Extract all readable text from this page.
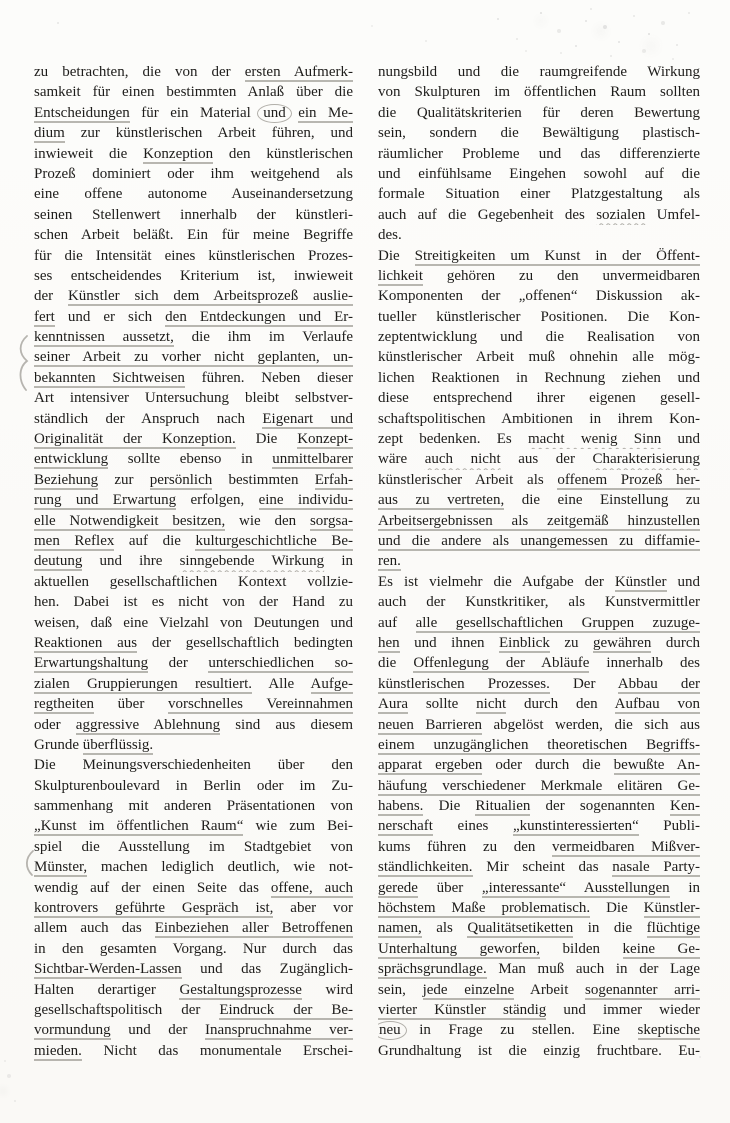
zu betrachten, die von der ersten Aufmerk-
samkeit für einen bestimmten Anlaß über die
Entscheidungen für ein Material und ein Me-
dium zur künstlerischen Arbeit führen, und
inwieweit die Konzeption den künstlerischen
Prozeß dominiert oder ihm weitgehend als
eine offene autonome Auseinandersetzung
seinen Stellenwert innerhalb der künstleri-
schen Arbeit beläßt. Ein für meine Begriffe
für die Intensität eines künstlerischen Prozes-
ses entscheidendes Kriterium ist, inwieweit
der Künstler sich dem Arbeitsprozeß auslie-
fert und er sich den Entdeckungen und Er-
kenntnissen aussetzt, die ihm im Verlaufe
seiner Arbeit zu vorher nicht geplanten, un-
bekannten Sichtweisen führen. Neben dieser
Art intensiver Untersuchung bleibt selbstver-
ständlich der Anspruch nach Eigenart und
Originalität der Konzeption. Die Konzept-
entwicklung sollte ebenso in unmittelbarer
Beziehung zur persönlich bestimmten Erfah-
rung und Erwartung erfolgen, eine individu-
elle Notwendigkeit besitzen, wie den sorgsa-
men Reflex auf die kulturgeschichtliche Be-
deutung und ihre sinngebende Wirkung in
aktuellen gesellschaftlichen Kontext vollzie-
hen. Dabei ist es nicht von der Hand zu
weisen, daß eine Vielzahl von Deutungen und
Reaktionen aus der gesellschaftlich bedingten
Erwartungshaltung der unterschiedlichen so-
zialen Gruppierungen resultiert. Alle Aufge-
regtheiten über vorschnelles Vereinnahmen
oder aggressive Ablehnung sind aus diesem
Grunde überflüssig.
Die Meinungsverschiedenheiten über den
Skulpturenboulevard in Berlin oder im Zu-
sammenhang mit anderen Präsentationen von
„Kunst im öffentlichen Raum“ wie zum Bei-
spiel die Ausstellung im Stadtgebiet von
Münster, machen lediglich deutlich, wie not-
wendig auf der einen Seite das offene, auch
kontrovers geführte Gespräch ist, aber vor
allem auch das Einbeziehen aller Betroffenen
in den gesamten Vorgang. Nur durch das
Sichtbar-Werden-Lassen und das Zugänglich-
Halten derartiger Gestaltungsprozesse wird
gesellschaftspolitisch der Eindruck der Be-
vormundung und der Inanspruchnahme ver-
mieden. Nicht das monumentale Erschei-
nungsbild und die raumgreifende Wirkung
von Skulpturen im öffentlichen Raum sollten
die Qualitätskriterien für deren Bewertung
sein, sondern die Bewältigung plastisch-
räumlicher Probleme und das differenzierte
und einfühlsame Eingehen sowohl auf die
formale Situation einer Platzgestaltung als
auch auf die Gegebenheit des sozialen Umfel-
des.
Die Streitigkeiten um Kunst in der Öffent-
lichkeit gehören zu den unvermeidbaren
Komponenten der „offenen“ Diskussion ak-
tueller künstlerischer Positionen. Die Kon-
zeptentwicklung und die Realisation von
künstlerischer Arbeit muß ohnehin alle mög-
lichen Reaktionen in Rechnung ziehen und
diese entsprechend ihrer eigenen gesell-
schaftspolitischen Ambitionen in ihrem Kon-
zept bedenken. Es macht wenig Sinn und
wäre auch nicht aus der Charakterisierung
künstlerischer Arbeit als offenem Prozeß her-
aus zu vertreten, die eine Einstellung zu
Arbeitsergebnissen als zeitgemäß hinzustellen
und die andere als unangemessen zu diffamie-
ren.
Es ist vielmehr die Aufgabe der Künstler und
auch der Kunstkritiker, als Kunstvermittler
auf alle gesellschaftlichen Gruppen zuzuge-
hen und ihnen Einblick zu gewähren durch
die Offenlegung der Abläufe innerhalb des
künstlerischen Prozesses. Der Abbau der
Aura sollte nicht durch den Aufbau von
neuen Barrieren abgelöst werden, die sich aus
einem unzugänglichen theoretischen Begriffs-
apparat ergeben oder durch die bewußte An-
häufung verschiedener Merkmale elitären Ge-
habens. Die Ritualien der sogenannten Ken-
nerschaft eines „kunstinteressierten“ Publi-
kums führen zu den vermeidbaren Mißver-
ständlichkeiten. Mir scheint das nasale Party-
gerede über „interessante“ Ausstellungen in
höchstem Maße problematisch. Die Künstler-
namen, als Qualitätsetiketten in die flüchtige
Unterhaltung geworfen, bilden keine Ge-
sprächsgrundlage. Man muß auch in der Lage
sein, jede einzelne Arbeit sogenannter arri-
vierter Künstler ständig und immer wieder
neu in Frage zu stellen. Eine skeptische
Grundhaltung ist die einzig fruchtbare. Eu-
